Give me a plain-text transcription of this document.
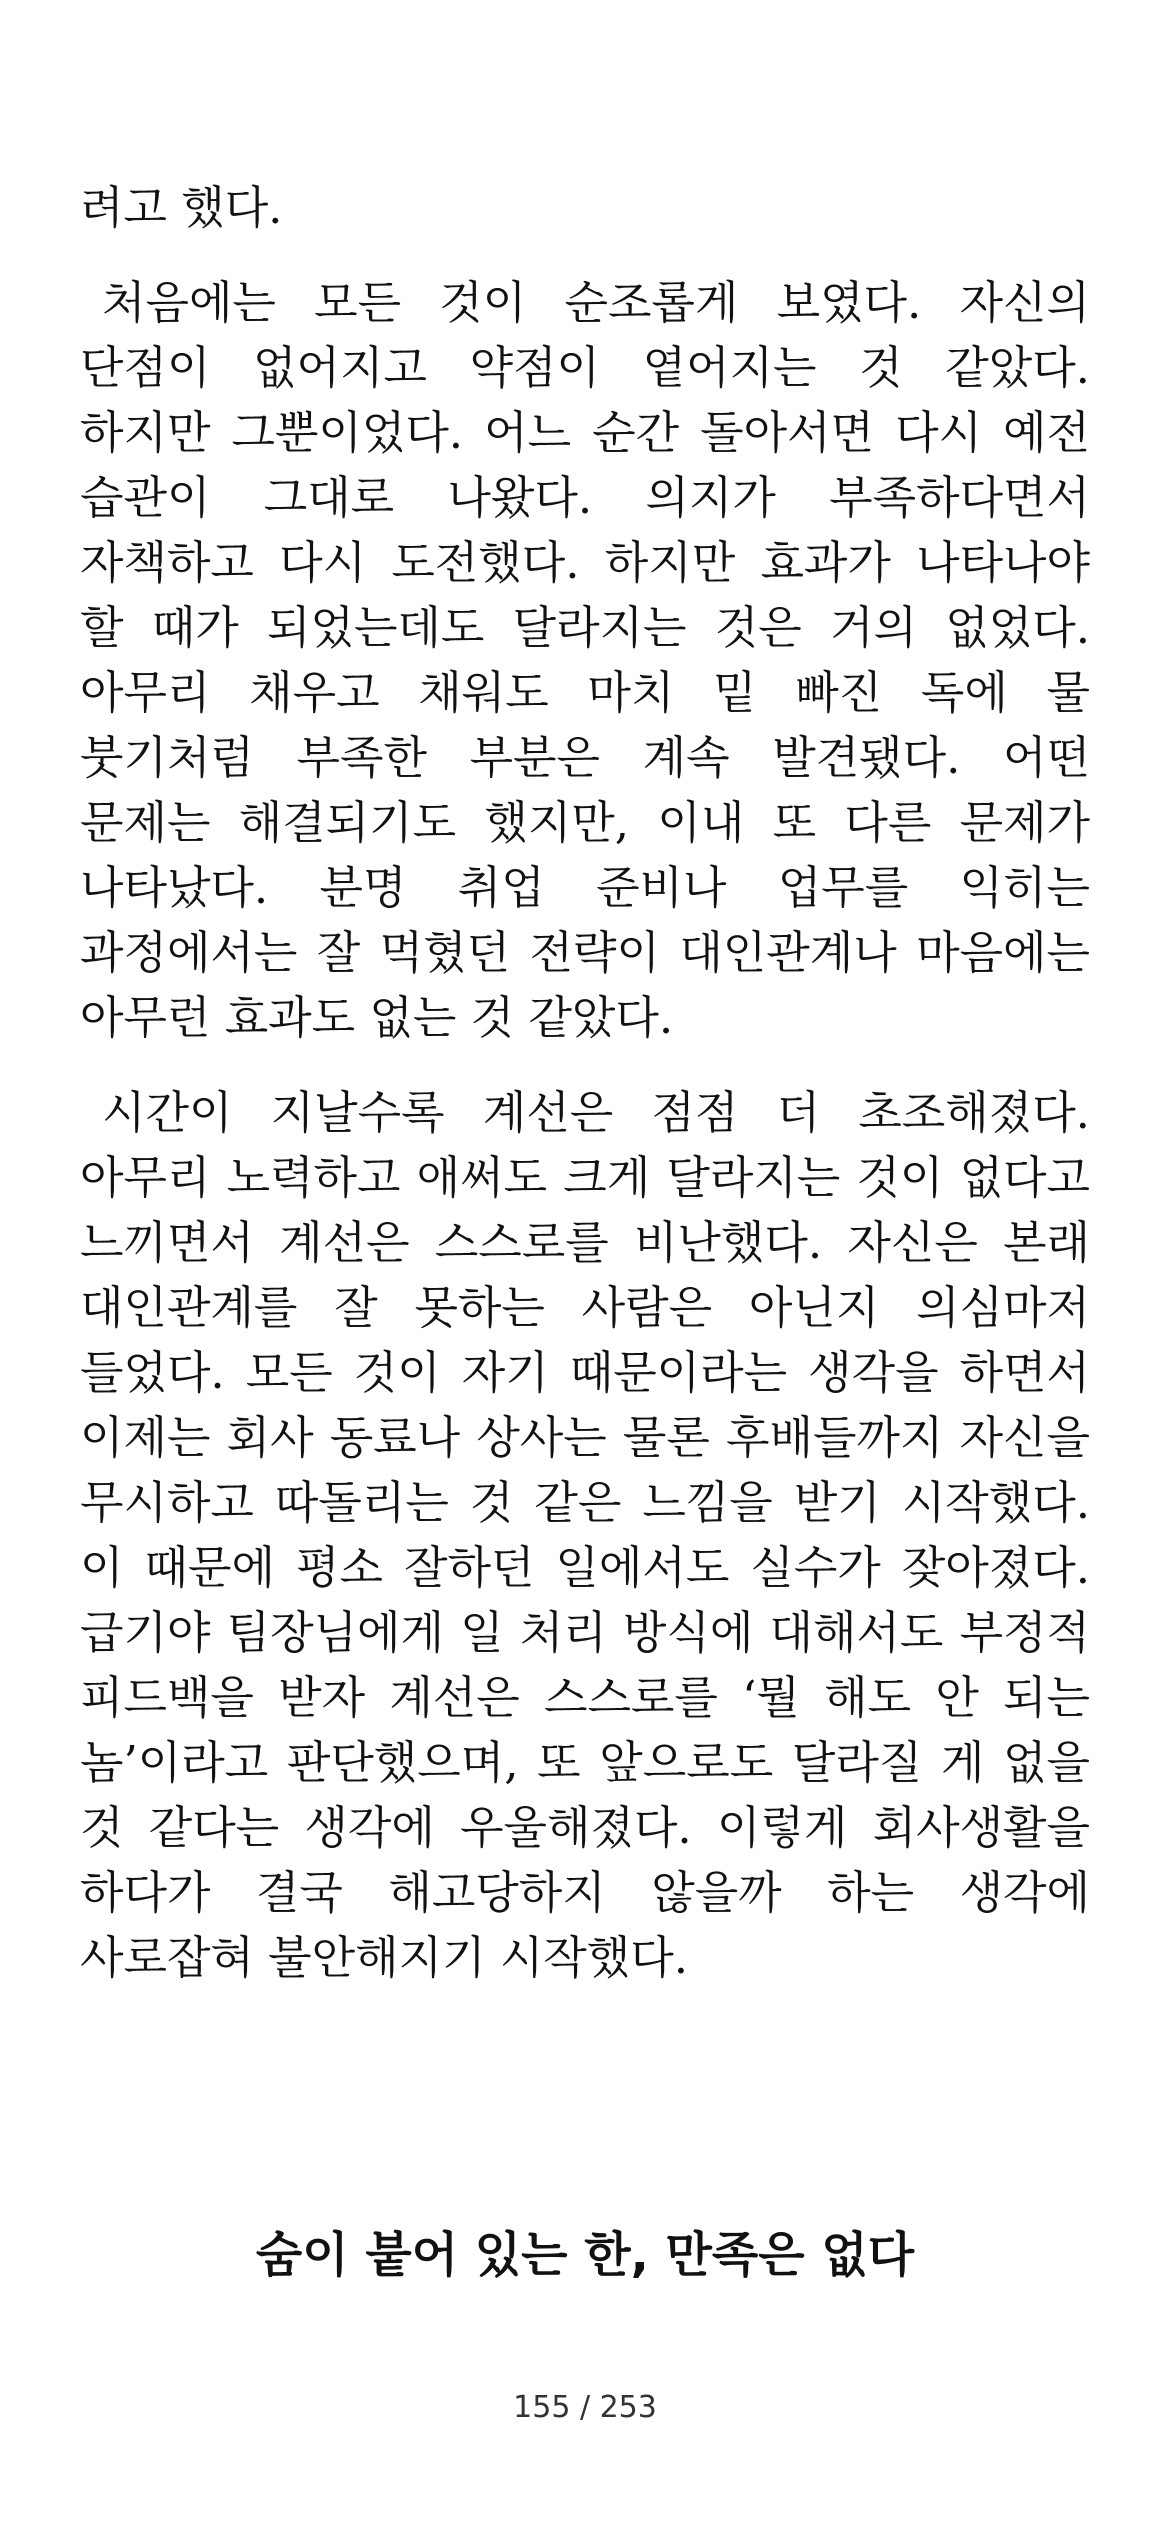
려고 했다.

처음에는 모든 것이 순조롭게 보였다. 자신의 단점이 없어지고 약점이 옅어지는 것 같았다. 하지만 그뿐이었다. 어느 순간 돌아서면 다시 예전 습관이 그대로 나왔다. 의지가 부족하다면서 자책하고 다시 도전했다. 하지만 효과가 나타나야 할 때가 되었는데도 달라지는 것은 거의 없었다. 아무리 채우고 채워도 마치 밑 빠진 독에 물 붓기처럼 부족한 부분은 계속 발견됐다. 어떤 문제는 해결되기도 했지만, 이내 또 다른 문제가 나타났다. 분명 취업 준비나 업무를 익히는 과정에서는 잘 먹혔던 전략이 대인관계나 마음에는 아무런 효과도 없는 것 같았다.

시간이 지날수록 계선은 점점 더 초조해졌다. 아무리 노력하고 애써도 크게 달라지는 것이 없다고 느끼면서 계선은 스스로를 비난했다. 자신은 본래 대인관계를 잘 못하는 사람은 아닌지 의심마저 들었다. 모든 것이 자기 때문이라는 생각을 하면서 이제는 회사 동료나 상사는 물론 후배들까지 자신을 무시하고 따돌리는 것 같은 느낌을 받기 시작했다. 이 때문에 평소 잘하던 일에서도 실수가 잦아졌다. 급기야 팀장님에게 일 처리 방식에 대해서도 부정적 피드백을 받자 계선은 스스로를 ‘뭘 해도 안 되는 놈’이라고 판단했으며, 또 앞으로도 달라질 게 없을 것 같다는 생각에 우울해졌다. 이렇게 회사생활을 하다가 결국 해고당하지 않을까 하는 생각에 사로잡혀 불안해지기 시작했다.

숨이 붙어 있는 한, 만족은 없다
155 / 253
